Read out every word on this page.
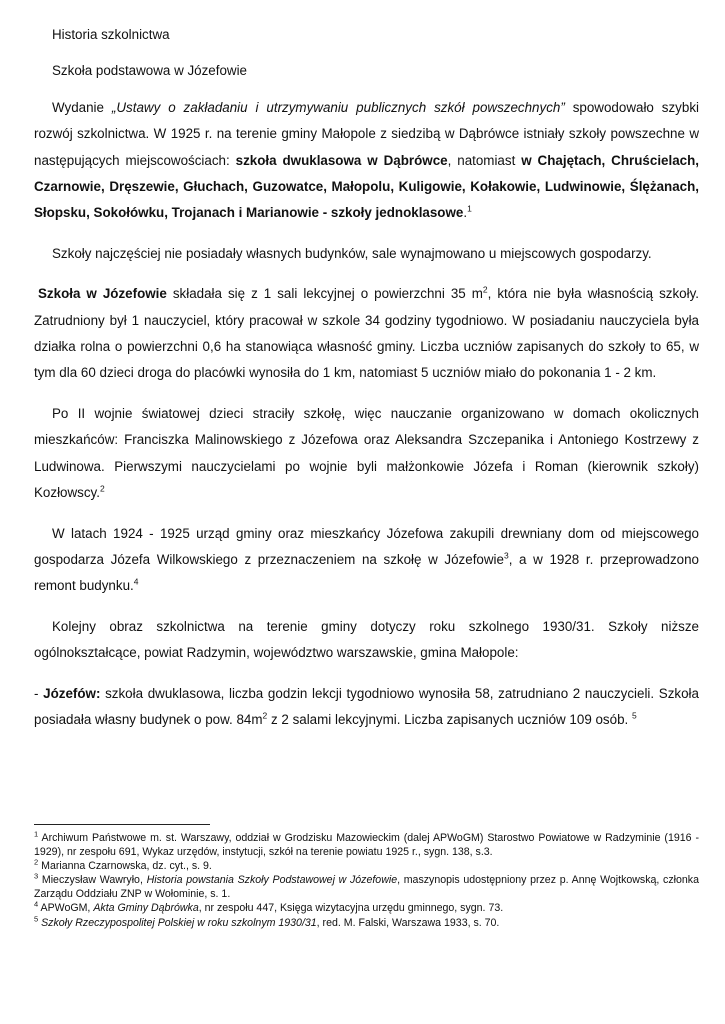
Historia szkolnictwa

Szkoła podstawowa w Józefowie

Wydanie „Ustawy o zakładaniu i utrzymywaniu publicznych szkół powszechnych” spowodowało szybki rozwój szkolnictwa. W 1925 r. na terenie gminy Małopole z siedzibą w Dąbrówce istniały szkoły powszechne w następujących miejscowościach: szkoła dwuklasowa w Dąbrówce, natomiast w Chajętach, Chruścielach, Czarnowie, Dręszewie, Głuchach, Guzowatce, Małopolu, Kuligowie, Kołakowie, Ludwinowie, Ślężanach, Słopsku, Sokołówku, Trojanach i Marianowie - szkoły jednoklasowe.$^1$

Szkoły najczęściej nie posiadały własnych budynków, sale wynajmowano u miejscowych gospodarzy.

Szkoła w Józefowie składała się z 1 sali lekcyjnej o powierzchni 35 $m^2$, która nie była własnością szkoły. Zatrudniony był 1 nauczyciel, który pracował w szkole 34 godziny tygodniowo. W posiadaniu nauczyciela była działka rolna o powierzchni 0,6 ha stanowiąca własność gminy. Liczba uczniów zapisanych do szkoły to 65, w tym dla 60 dzieci droga do placówki wynosiła do 1 km, natomiast 5 uczniów miało do pokonania 1 - 2 km.

Po II wojnie światowej dzieci straciły szkołę, więc nauczanie organizowano w domach okolicznych mieszkańców: Franciszka Malinowskiego z Józefowa oraz Aleksandra Szczepanika i Antoniego Kostrzewy z Ludwinowa. Pierwszymi nauczycielami po wojnie byli małżonkowie Józefa i Roman (kierownik szkoły) Kozłowscy.$^2$

W latach 1924 - 1925 urząd gminy oraz mieszkańcy Józefowa zakupili drewniany dom od miejscowego gospodarza Józefa Wilkowskiego z przeznaczeniem na szkołę w Józefowie$^3$, a w 1928 r. przeprowadzono remont budynku.$^4$

Kolejny obraz szkolnictwa na terenie gminy dotyczy roku szkolnego 1930/31. Szkoły niższe ogólnokształcące, powiat Radzymin, województwo warszawskie, gmina Małopole:

- Józefów: szkoła dwuklasowa, liczba godzin lekcji tygodniowo wynosiła 58, zatrudniano 2 nauczycieli. Szkoła posiadała własny budynek o pow. $84m^2$ z 2 salami lekcyjnymi. Liczba zapisanych uczniów 109 osób. $^5$

$^1$ Archiwum Państwowe m. st. Warszawy, oddział w Grodzisku Mazowieckim (dalej APWoGM) Starostwo Powiatowe w Radzyminie (1916 - 1929), nr zespołu 691, Wykaz urzędów, instytucji, szkół na terenie powiatu 1925 r., sygn. 138, s.3.

$^2$ Marianna Czarnowska, dz. cyt., s. 9.

$^3$ Mieczysław Wawryło, Historia powstania Szkoły Podstawowej w Józefowie, maszynopis udostępniony przez p. Annę Wojtkowską, członka Zarządu Oddziału ZNP w Wołominie, s. 1.

$^4$ APWoGM, Akta Gminy Dąbrówka, nr zespołu 447, Księga wizytacyjna urzędu gminnego, sygn. 73.

$^5$ Szkoły Rzeczypospolitej Polskiej w roku szkolnym 1930/31, red. M. Falski, Warszawa 1933, s. 70.
